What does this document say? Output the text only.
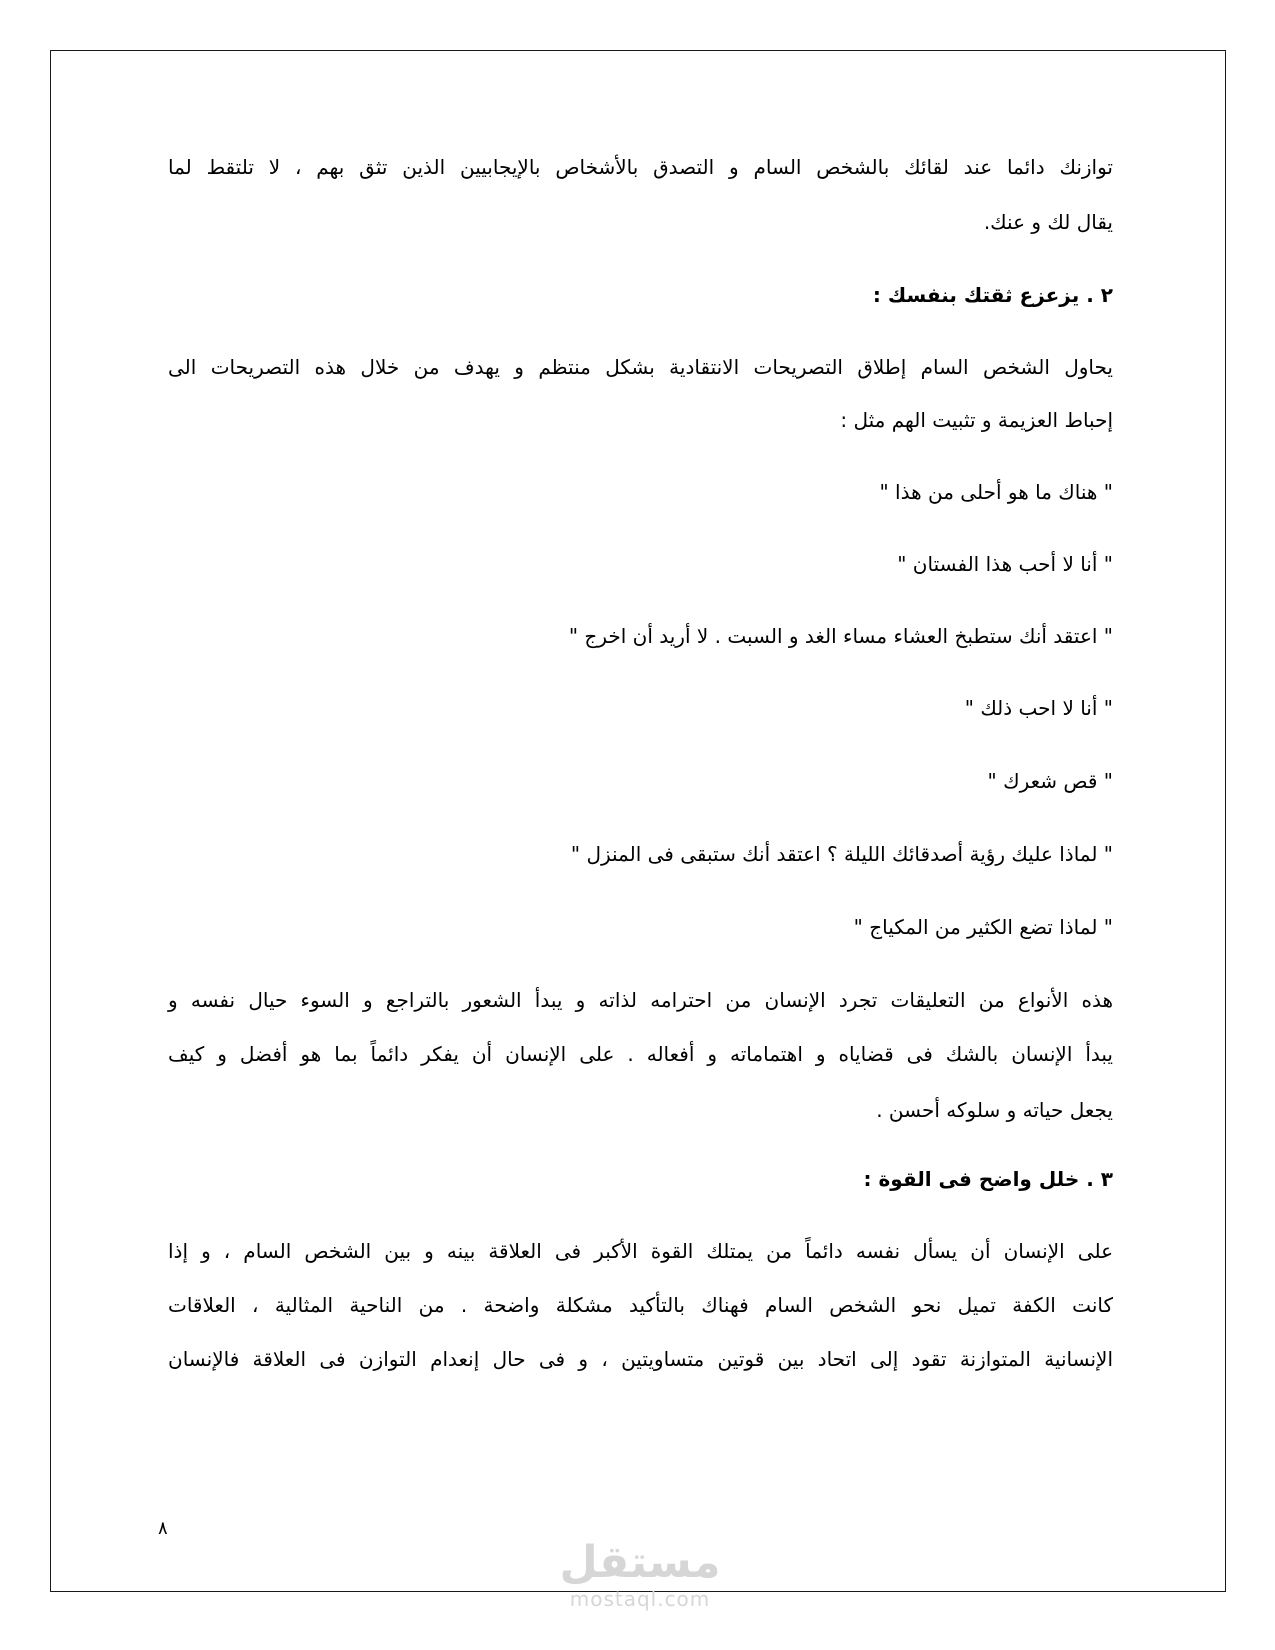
توازنك دائما عند لقائك بالشخص السام و التصدق بالأشخاص بالإيجابيين الذين تثق بهم ، لا تلتقط لما
يقال لك و عنك.
٢ . يزعزع ثقتك بنفسك :
يحاول الشخص السام إطلاق التصريحات الانتقادية بشكل منتظم و يهدف من خلال هذه التصريحات الى
إحباط العزيمة و تثبيت الهم مثل :
" هناك ما هو أحلى من هذا "
" أنا لا أحب هذا الفستان "
" اعتقد أنك ستطبخ العشاء مساء الغد و السبت . لا أريد أن اخرج "
" أنا لا احب ذلك "
" قص شعرك "
" لماذا عليك رؤية أصدقائك الليلة ؟ اعتقد أنك ستبقى فى المنزل "
" لماذا تضع الكثير من المكياج "
هذه الأنواع من التعليقات تجرد الإنسان من احترامه لذاته و يبدأ الشعور بالتراجع و السوء حيال نفسه و
يبدأ الإنسان بالشك فى قضاياه و اهتماماته و أفعاله . على الإنسان أن يفكر دائماً بما هو أفضل و كيف
يجعل حياته و سلوكه أحسن .
٣ . خلل واضح فى القوة :
على الإنسان أن يسأل نفسه دائماً من يمتلك القوة الأكبر فى العلاقة بينه و بين الشخص السام ، و إذا
كانت الكفة تميل نحو الشخص السام فهناك بالتأكيد مشكلة واضحة . من الناحية المثالية ، العلاقات
الإنسانية المتوازنة تقود إلى اتحاد بين قوتين متساويتين ، و فى حال إنعدام التوازن فى العلاقة فالإنسان
٨
مستقل
mostaql.com
